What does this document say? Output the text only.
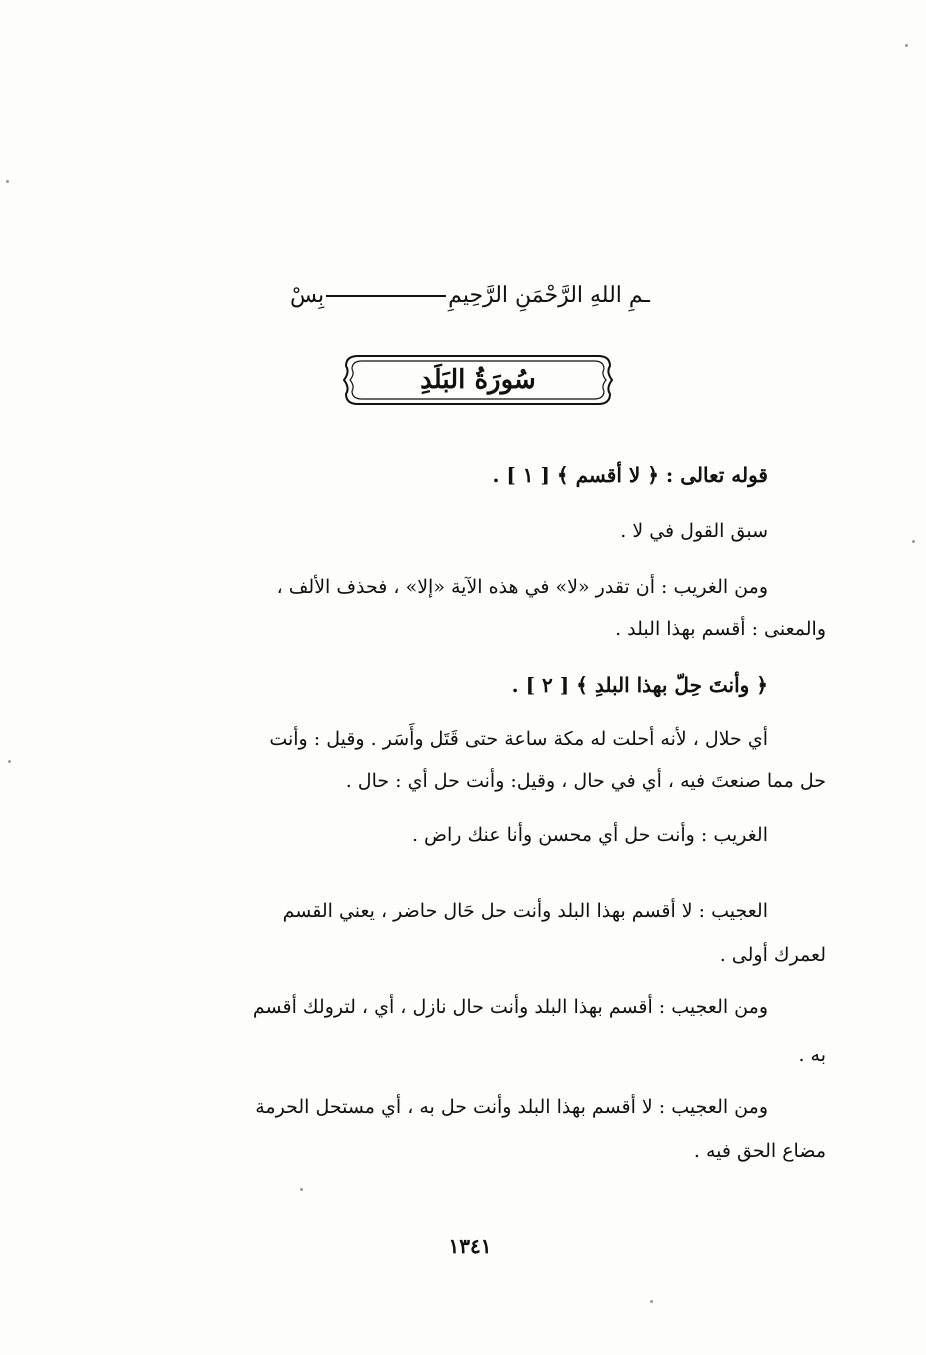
ـمِ اللهِ الرَّحْمَنِ الرَّحِيمِبِسْ
سُورَةُ البَلَدِ
قوله تعالى : ﴿ لا أقسم ﴾ [ ١ ] .
سبق القول في لا .
ومن الغريب : أن تقدر «لا» في هذه الآية «إلا» ، فحذف الألف ،
والمعنى : أقسم بهذا البلد .
﴿ وأنتَ حِلّ بهذا البلدِ ﴾ [ ٢ ] .
أي حلال ، لأنه أحلت له مكة ساعة حتى قَتَل وأَسَر . وقيل : وأنت
حل مما صنعتَ فيه ، أي في حال ، وقيل: وأنت حل أي : حال .
الغريب : وأنت حل أي محسن وأنا عنك راض .
العجيب : لا أقسم بهذا البلد وأنت حل حَال حاضر ، يعني القسم
لعمرك أولى .
ومن العجيب : أقسم بهذا البلد وأنت حال نازل ، أي ، لترولك أقسم
به .
ومن العجيب : لا أقسم بهذا البلد وأنت حل به ، أي مستحل الحرمة
مضاع الحق فيه .
١٣٤١
